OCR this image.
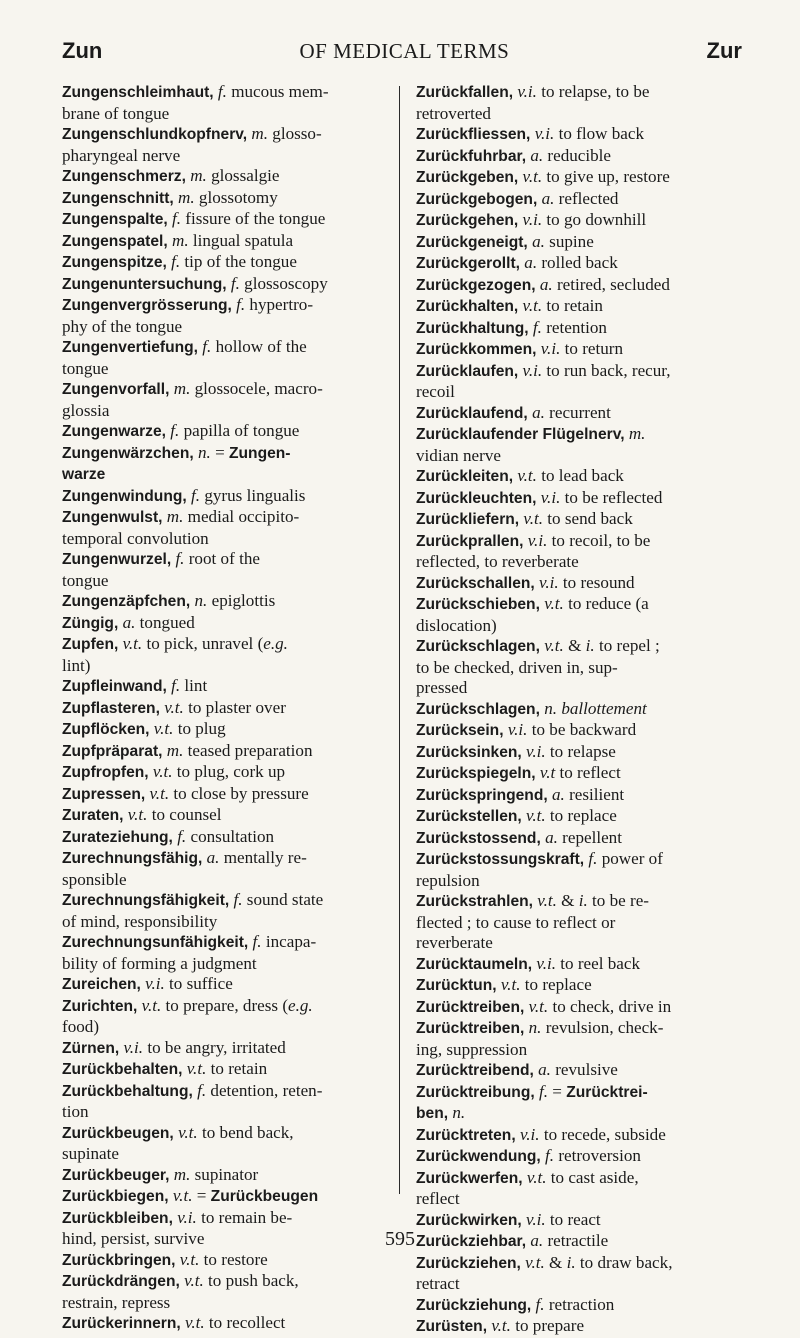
Zun	OF MEDICAL TERMS	Zur
Zungenschleimhaut, f. mucous mem-
brane of tongue
Zungenschlundkopfnerv, m. glosso-
pharyngeal nerve
Zungenschmerz, m. glossalgie
Zungenschnitt, m. glossotomy
Zungenspalte, f. fissure of the tongue
Zungenspatel, m. lingual spatula
Zungenspitze, f. tip of the tongue
Zungenuntersuchung, f. glossoscopy
Zungenvergrösserung, f. hypertro-
phy of the tongue
Zungenvertiefung, f. hollow of the
tongue
Zungenvorfall, m. glossocele, macro-
glossia
Zungenwarze, f. papilla of tongue
Zungenwärzchen, n. = Zungen-
warze
Zungenwindung, f. gyrus lingualis
Zungenwulst, m. medial occipito-
temporal convolution
Zungenwurzel, f. root of the
tongue
Zungenzäpfchen, n. epiglottis
Züngig, a. tongued
Zupfen, v.t. to pick, unravel (e.g.
lint)
Zupfleinwand, f. lint
Zupflasteren, v.t. to plaster over
Zupflöcken, v.t. to plug
Zupfpräparat, m. teased preparation
Zupfropfen, v.t. to plug, cork up
Zupressen, v.t. to close by pressure
Zuraten, v.t. to counsel
Zurateziehung, f. consultation
Zurechnungsfähig, a. mentally re-
sponsible
Zurechnungsfähigkeit, f. sound state
of mind, responsibility
Zurechnungsunfähigkeit, f. incapa-
bility of forming a judgment
Zureichen, v.i. to suffice
Zurichten, v.t. to prepare, dress (e.g.
food)
Zürnen, v.i. to be angry, irritated
Zurückbehalten, v.t. to retain
Zurückbehaltung, f. detention, reten-
tion
Zurückbeugen, v.t. to bend back,
supinate
Zurückbeuger, m. supinator
Zurückbiegen, v.t. = Zurückbeugen
Zurückbleiben, v.i. to remain be-
hind, persist, survive
Zurückbringen, v.t. to restore
Zurückdrängen, v.t. to push back,
restrain, repress
Zurückerinnern, v.t. to recollect
Zurückfallen, v.i. to relapse, to be
retroverted
Zurückfliessen, v.i. to flow back
Zurückfuhrbar, a. reducible
Zurückgeben, v.t. to give up, restore
Zurückgebogen, a. reflected
Zurückgehen, v.i. to go downhill
Zurückgeneigt, a. supine
Zurückgerollt, a. rolled back
Zurückgezogen, a. retired, secluded
Zurückhalten, v.t. to retain
Zurückhaltung, f. retention
Zurückkommen, v.i. to return
Zurücklaufen, v.i. to run back, recur,
recoil
Zurücklaufend, a. recurrent
Zurücklaufender Flügelnerv, m.
vidian nerve
Zurückleiten, v.t. to lead back
Zurückleuchten, v.i. to be reflected
Zurückliefern, v.t. to send back
Zurückprallen, v.i. to recoil, to be
reflected, to reverberate
Zurückschallen, v.i. to resound
Zurückschieben, v.t. to reduce (a
dislocation)
Zurückschlagen, v.t. & i. to repel ;
to be checked, driven in, sup-
pressed
Zurückschlagen, n. ballottement
Zurücksein, v.i. to be backward
Zurücksinken, v.i. to relapse
Zurückspiegeln, v.t to reflect
Zurückspringend, a. resilient
Zurückstellen, v.t. to replace
Zurückstossend, a. repellent
Zurückstossungskraft, f. power of
repulsion
Zurückstrahlen, v.t. & i. to be re-
flected ; to cause to reflect or
reverberate
Zurücktaumeln, v.i. to reel back
Zurücktun, v.t. to replace
Zurücktreiben, v.t. to check, drive in
Zurücktreiben, n. revulsion, check-
ing, suppression
Zurücktreibend, a. revulsive
Zurücktreibung, f. = Zurücktrei-
ben, n.
Zurücktreten, v.i. to recede, subside
Zurückwendung, f. retroversion
Zurückwerfen, v.t. to cast aside,
reflect
Zurückwirken, v.i. to react
Zurückziehbar, a. retractile
Zurückziehen, v.t. & i. to draw back,
retract
Zurückziehung, f. retraction
Zurüsten, v.t. to prepare
595
